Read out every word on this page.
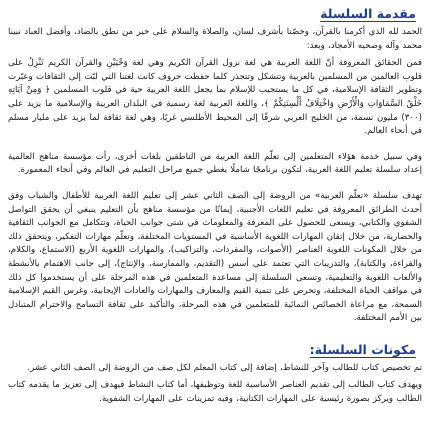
مقدمة السلسلة

الحمد لله الذي أكرمنا بالقرآن، وخصّنا بأشرف لسان، والصلاة والسلام على خير من نطق بالضاد، وأفضل العباد نبينا محمد وآله وصحبه الأمجاد، وبعد:

فمن الحقائق المعروفة أنّ اللغة العربية هي لغة نزول القرآن الكريم وهي لغة وَحْيَيْنِ والقرآن الكريم تَنْزِلُ على قلوب العالمين من المسلمين بالعربية وتتشكل وتتجذر كلما حفظت حروف كانت لغتنا التي لبّت إلى الثقافات وعبّرت وتطوير الثقافة الإسلامية، في كل ما يستجيب للإسلام بما يجعل اللغة العربية حية في قلوب المسلمين ﴿ وَمِنْ آيَاتِهِ خَلْقُ السَّمَاوَاتِ وَالْأَرْضِ وَاخْتِلَافُ أَلْسِنَتِكُمْ ﴾، واللغة العربية لغة رسمية في البلدان العربية والإسلامية ما يزيد على (٣٠٠) مليون نسمة، من الخليج العربي شرقًا إلى المحيط الأطلسي غربًا، وهي لغة ثقافة لما يزيد على مليار مسلم في أنحاء العالم.

وفي سبيل خدمة هؤلاء المتعلمين إلى تعلّم اللغة العربية من الناطقين بلغات أخرى، رأت مؤسسة مناهج العالمية إعداد سلسلة تعليم اللغة العربية، لتكون برنامجًا شاملًا يغطي جميع مراحل التعليم في العالم وفي أنحاء المعمورة.

تهدف سلسلة «تعلّم العربية» من الروضة إلى الصف الثاني عشر إلى تعليم اللغة العربية للأطفال والشباب وفق أحدث الطرائق المعروفة في تعليم اللغات الأجنبية، إيمانًا من مؤسسة مناهج بأن التعليم ينبغي أن يحقق التواصل الشفوي والكتابي، ويسعى للحصول على المعرفة والمعلومات في شتى جوانب الحياة، وتتكامل مع الجوانب الثقافية والحضارية، من خلال إتقان المهارات اللغوية الأساسية في المستويات المختلفة، وتعلّم مهارات التفكير، ويتحقق ذلك من خلال المكونات اللغوية العناصر (الأصوات، والمفردات، والتراكيب)، والمهارات اللغوية الأربع (الاستماع، والكلام، والقراءة، والكتابة)، والتدريبات التي تعتمد على أسس (التقديم، والممارسة، والإنتاج)، إلى جانب الاهتمام بالأنشطة والألعاب اللغوية والتعليمية، وتسعى السلسلة إلى مساعدة المتعلمين في هذه المرحلة على أن يستخدموا كل ذلك في مواقف الحياة المختلفة، وتحرص على تنمية القيم والمعارف والمهارات والعادات الإيجابية، وغرس القيم الإسلامية السمحة، مع مراعاة الخصائص النمائية للمتعلمين في هذه المرحلة، والتأكيد على ثقافة التسامح والاحترام المتبادل بين الأمم المختلفة.

مكونات السلسلة:

تم تخصيص كتاب للطالب وآخر للنشاط، إضافة إلى كتاب المعلم لكل صف من الروضة إلى الصف الثاني عشر.

ويهدف كتاب الطالب إلى تقديم العناصر الأساسية للغة وتوظيفها، أما كتاب النشاط فيهدف إلى تعزيز ما يقدمه كتاب الطالب ويركز بصورة رئيسية على المهارات الكتابية، وفيه تمرينات على المهارات الشفوية.
